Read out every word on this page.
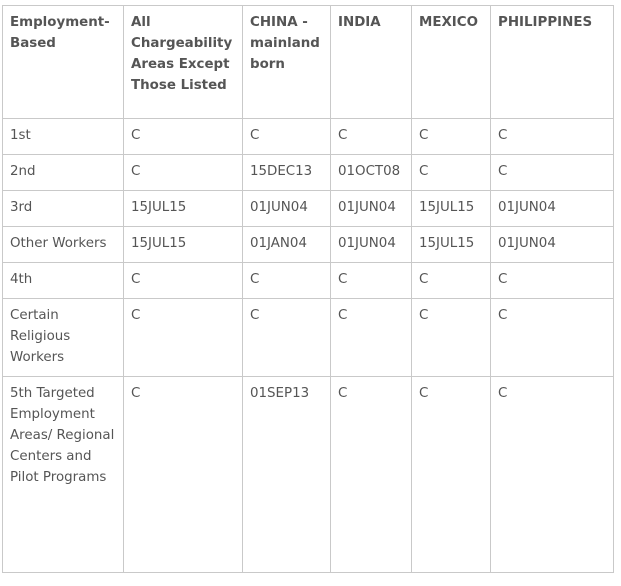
Employment-Based	All Chargeability Areas Except Those Listed	CHINA - mainland born	INDIA	MEXICO	PHILIPPINES
1st	C	C	C	C	C
2nd	C	15DEC13	01OCT08	C	C
3rd	15JUL15	01JUN04	01JUN04	15JUL15	01JUN04
Other Workers	15JUL15	01JAN04	01JUN04	15JUL15	01JUN04
4th	C	C	C	C	C
Certain Religious Workers	C	C	C	C	C
5th Targeted Employment Areas/ Regional Centers and Pilot Programs	C	01SEP13	C	C	C
